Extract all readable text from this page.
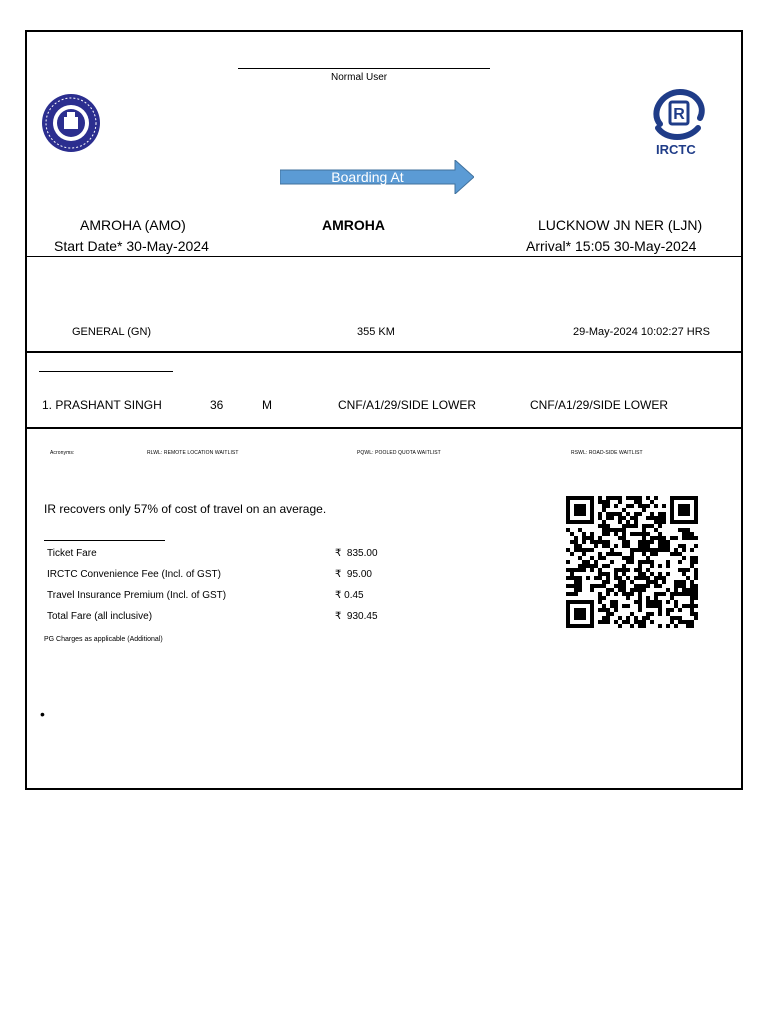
Normal User
R
IRCTC
Boarding At
AMROHA (AMO)	AMROHA	LUCKNOW JN NER (LJN)
Start Date* 30-May-2024	Arrival* 15:05 30-May-2024
GENERAL (GN)	355 KM	29-May-2024 10:02:27 HRS
1. PRASHANT SINGH	36	M	CNF/A1/29/SIDE LOWER	CNF/A1/29/SIDE LOWER
Acronyms:	RLWL: REMOTE LOCATION WAITLIST	PQWL: POOLED QUOTA WAITLIST	RSWL: ROAD-SIDE WAITLIST
IR recovers only 57% of cost of travel on an average.
Ticket Fare	₹  835.00
IRCTC Convenience Fee (Incl. of GST)	₹  95.00
Travel Insurance Premium (Incl. of GST)	₹ 0.45
Total Fare (all inclusive)	₹  930.45
PG Charges as applicable (Additional)
•
